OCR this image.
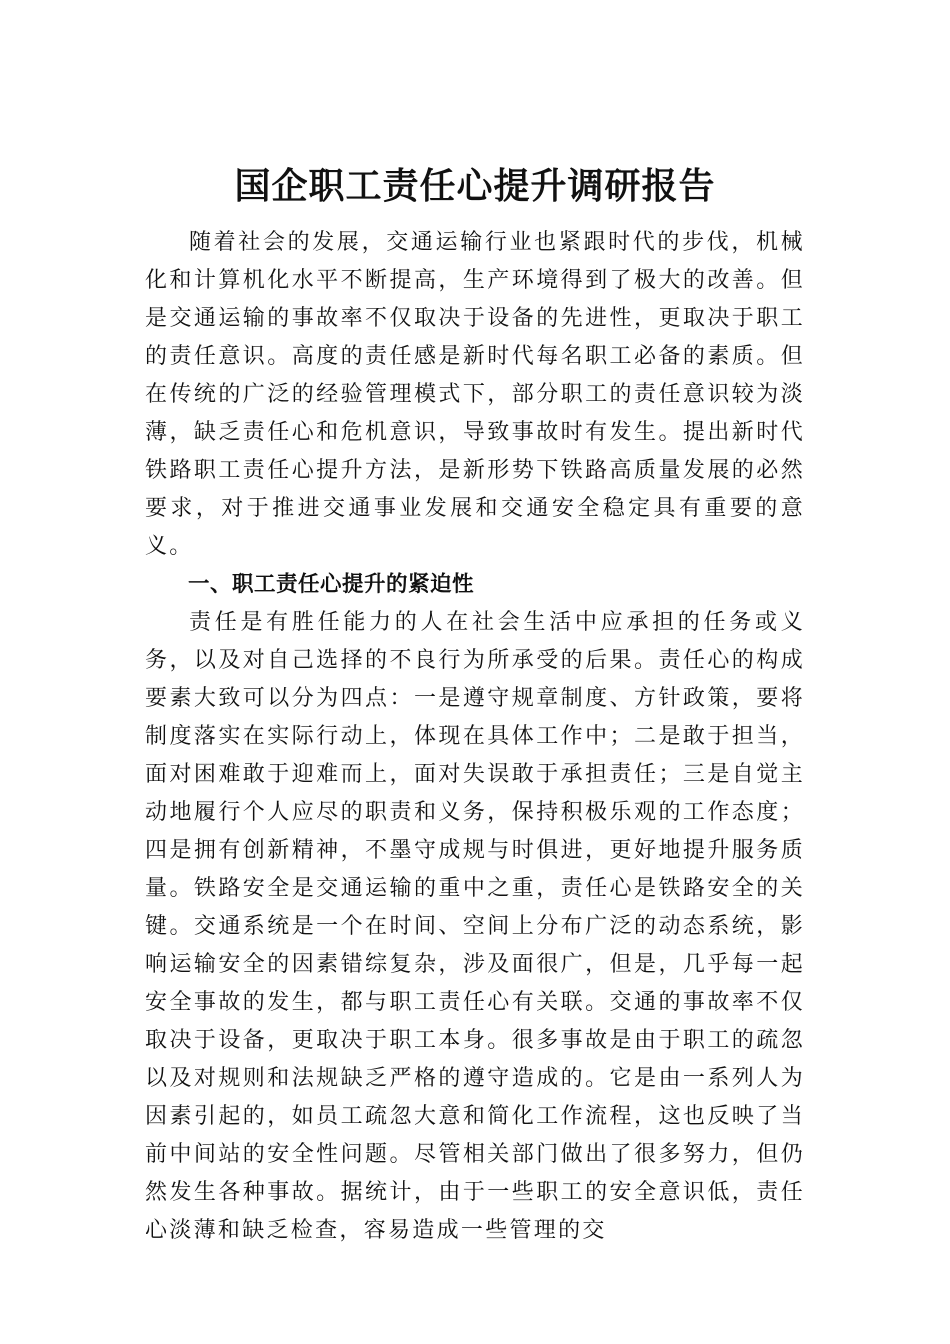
国企职工责任心提升调研报告

随着社会的发展，交通运输行业也紧跟时代的步伐，机械化和计算机化水平不断提高，生产环境得到了极大的改善。但是交通运输的事故率不仅取决于设备的先进性，更取决于职工的责任意识。高度的责任感是新时代每名职工必备的素质。但在传统的广泛的经验管理模式下，部分职工的责任意识较为淡薄，缺乏责任心和危机意识，导致事故时有发生。提出新时代铁路职工责任心提升方法，是新形势下铁路高质量发展的必然要求，对于推进交通事业发展和交通安全稳定具有重要的意义。

一、职工责任心提升的紧迫性

责任是有胜任能力的人在社会生活中应承担的任务或义务，以及对自己选择的不良行为所承受的后果。责任心的构成要素大致可以分为四点：一是遵守规章制度、方针政策，要将制度落实在实际行动上，体现在具体工作中；二是敢于担当，面对困难敢于迎难而上，面对失误敢于承担责任；三是自觉主动地履行个人应尽的职责和义务，保持积极乐观的工作态度；四是拥有创新精神，不墨守成规与时俱进，更好地提升服务质量。铁路安全是交通运输的重中之重，责任心是铁路安全的关键。交通系统是一个在时间、空间上分布广泛的动态系统，影响运输安全的因素错综复杂，涉及面很广，但是，几乎每一起安全事故的发生，都与职工责任心有关联。交通的事故率不仅取决于设备，更取决于职工本身。很多事故是由于职工的疏忽以及对规则和法规缺乏严格的遵守造成的。它是由一系列人为因素引起的，如员工疏忽大意和简化工作流程，这也反映了当前中间站的安全性问题。尽管相关部门做出了很多努力，但仍然发生各种事故。据统计，由于一些职工的安全意识低，责任心淡薄和缺乏检查，容易造成一些管理的交
